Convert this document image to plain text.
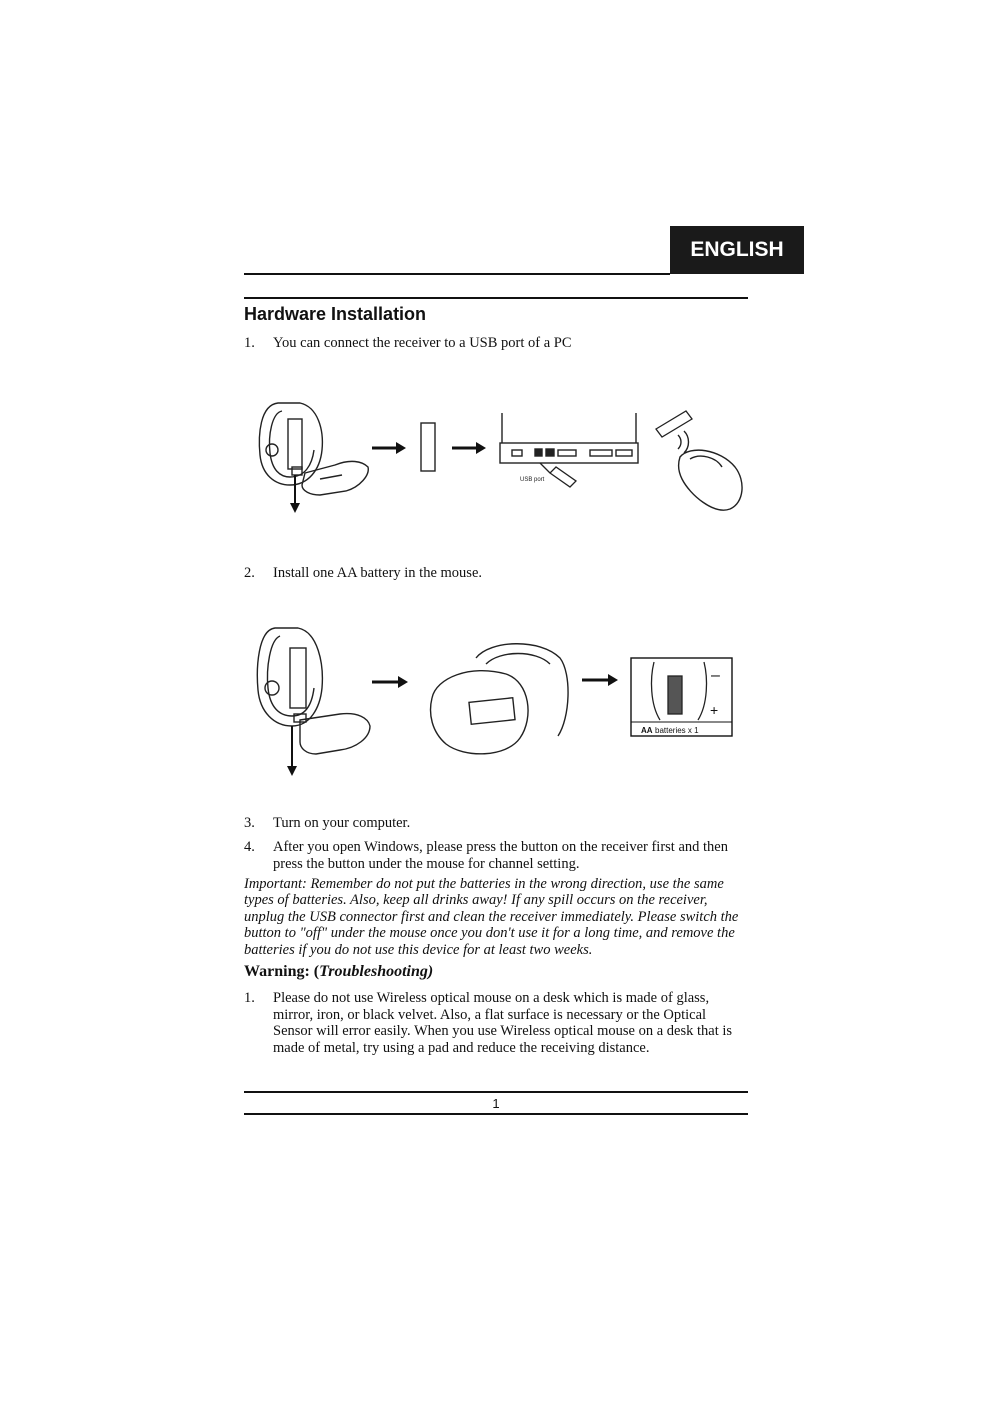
ENGLISH
Hardware Installation
1. You can connect the receiver to a USB port of a PC
USB port
2. Install one AA battery in the mouse.
–
+
AA batteries x 1
3. Turn on your computer.
4. After you open Windows, please press the button on the receiver first and then press the button under the mouse for channel setting.
Important: Remember do not put the batteries in the wrong direction, use the same types of batteries. Also, keep all drinks away! If any spill occurs on the receiver, unplug the USB connector first and clean the receiver immediately. Please switch the button to "off" under the mouse once you don't use it for a long time, and remove the batteries if you do not use this device for at least two weeks.
Warning: (Troubleshooting)
1. Please do not use Wireless optical mouse on a desk which is made of glass, mirror, iron, or black velvet. Also, a flat surface is necessary or the Optical Sensor will error easily. When you use Wireless optical mouse on a desk that is made of metal, try using a pad and reduce the receiving distance.
1
